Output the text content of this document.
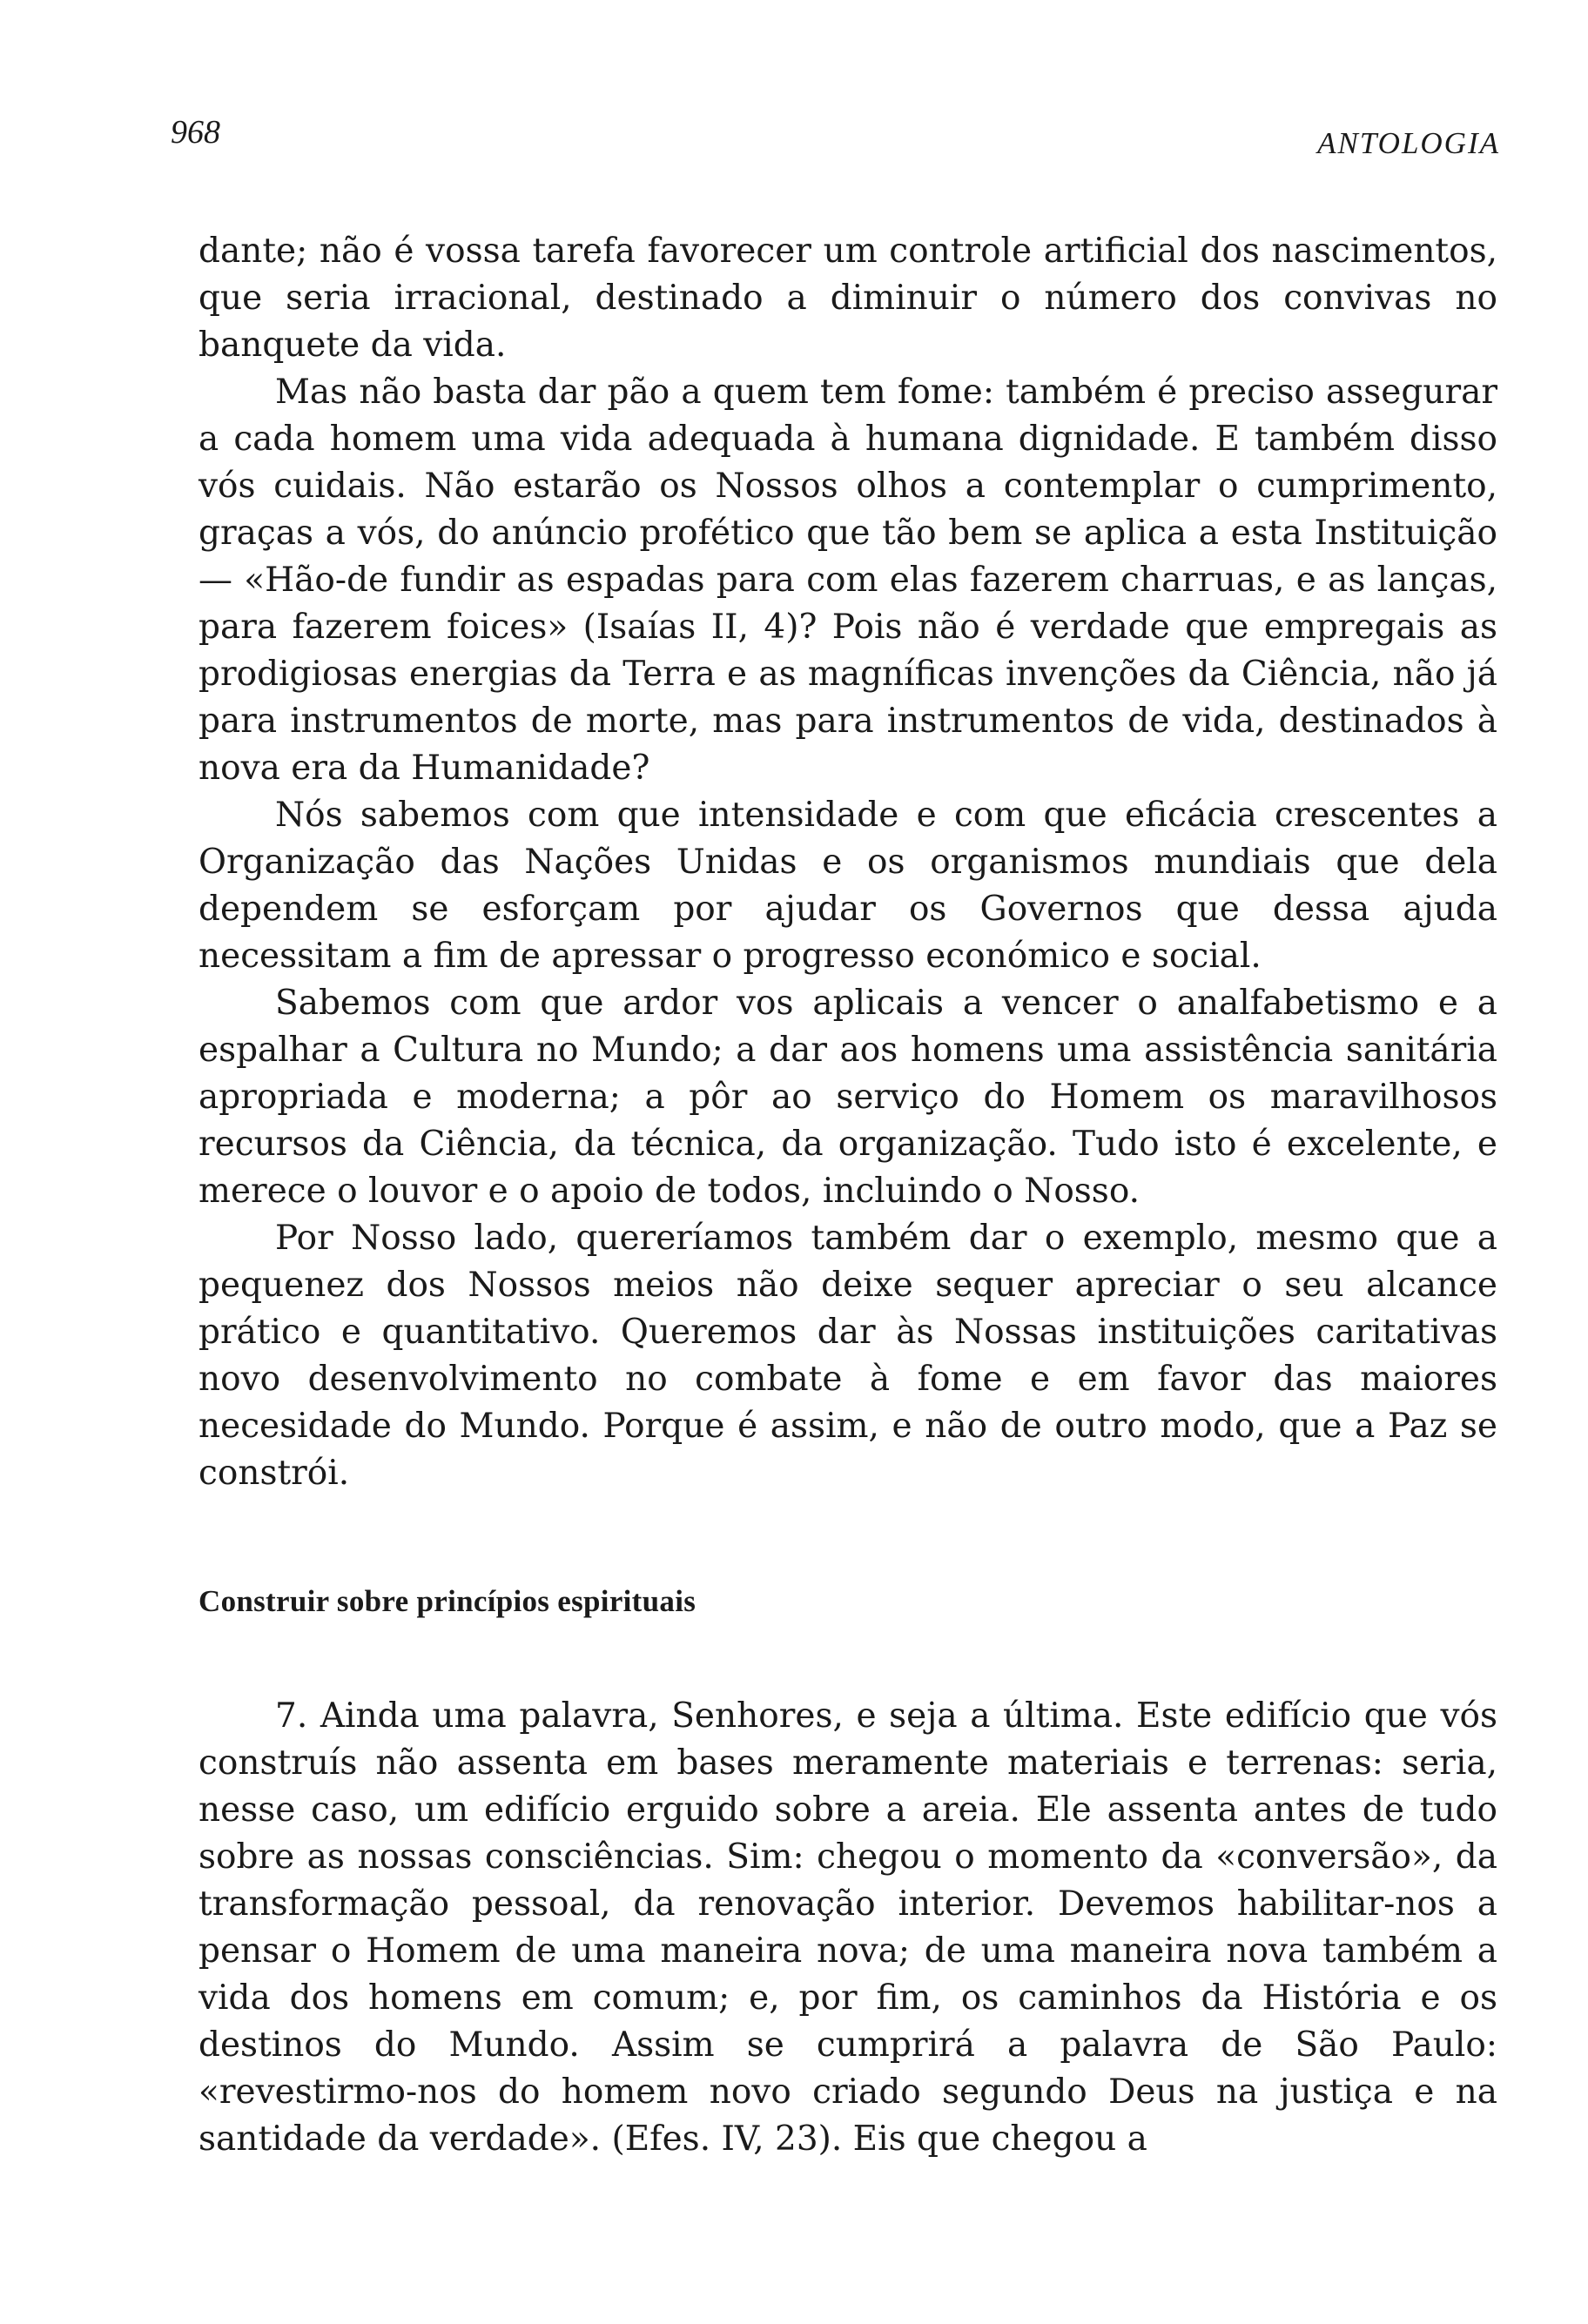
968	ANTOLOGIA

dante; não é vossa tarefa favorecer um controle artificial dos nascimentos, que seria irracional, destinado a diminuir o número dos convivas no banquete da vida.

Mas não basta dar pão a quem tem fome: também é preciso assegurar a cada homem uma vida adequada à humana dignidade. E também disso vós cuidais. Não estarão os Nossos olhos a contemplar o cumprimento, graças a vós, do anúncio profético que tão bem se aplica a esta Instituição — «Hão-de fundir as espadas para com elas fazerem charruas, e as lanças, para fazerem foices» (Isaías II, 4)? Pois não é verdade que empregais as prodigiosas energias da Terra e as magníficas invenções da Ciência, não já para instrumentos de morte, mas para instrumentos de vida, destinados à nova era da Humanidade?

Nós sabemos com que intensidade e com que eficácia crescentes a Organização das Nações Unidas e os organismos mundiais que dela dependem se esforçam por ajudar os Governos que dessa ajuda necessitam a fim de apressar o progresso económico e social.

Sabemos com que ardor vos aplicais a vencer o analfabetismo e a espalhar a Cultura no Mundo; a dar aos homens uma assistência sanitária apropriada e moderna; a pôr ao serviço do Homem os maravilhosos recursos da Ciência, da técnica, da organização. Tudo isto é excelente, e merece o louvor e o apoio de todos, incluindo o Nosso.

Por Nosso lado, quereríamos também dar o exemplo, mesmo que a pequenez dos Nossos meios não deixe sequer apreciar o seu alcance prático e quantitativo. Queremos dar às Nossas instituições caritativas novo desenvolvimento no combate à fome e em favor das maiores necesidade do Mundo. Porque é assim, e não de outro modo, que a Paz se constrói.

Construir sobre princípios espirituais

7. Ainda uma palavra, Senhores, e seja a última. Este edifício que vós construís não assenta em bases meramente materiais e terrenas: seria, nesse caso, um edifício erguido sobre a areia. Ele assenta antes de tudo sobre as nossas consciências. Sim: chegou o momento da «conversão», da transformação pessoal, da renovação interior. Devemos habilitar-nos a pensar o Homem de uma maneira nova; de uma maneira nova também a vida dos homens em comum; e, por fim, os caminhos da História e os destinos do Mundo. Assim se cumprirá a palavra de São Paulo: «revestirmo-nos do homem novo criado segundo Deus na justiça e na santidade da verdade». (Efes. IV, 23). Eis que chegou a
